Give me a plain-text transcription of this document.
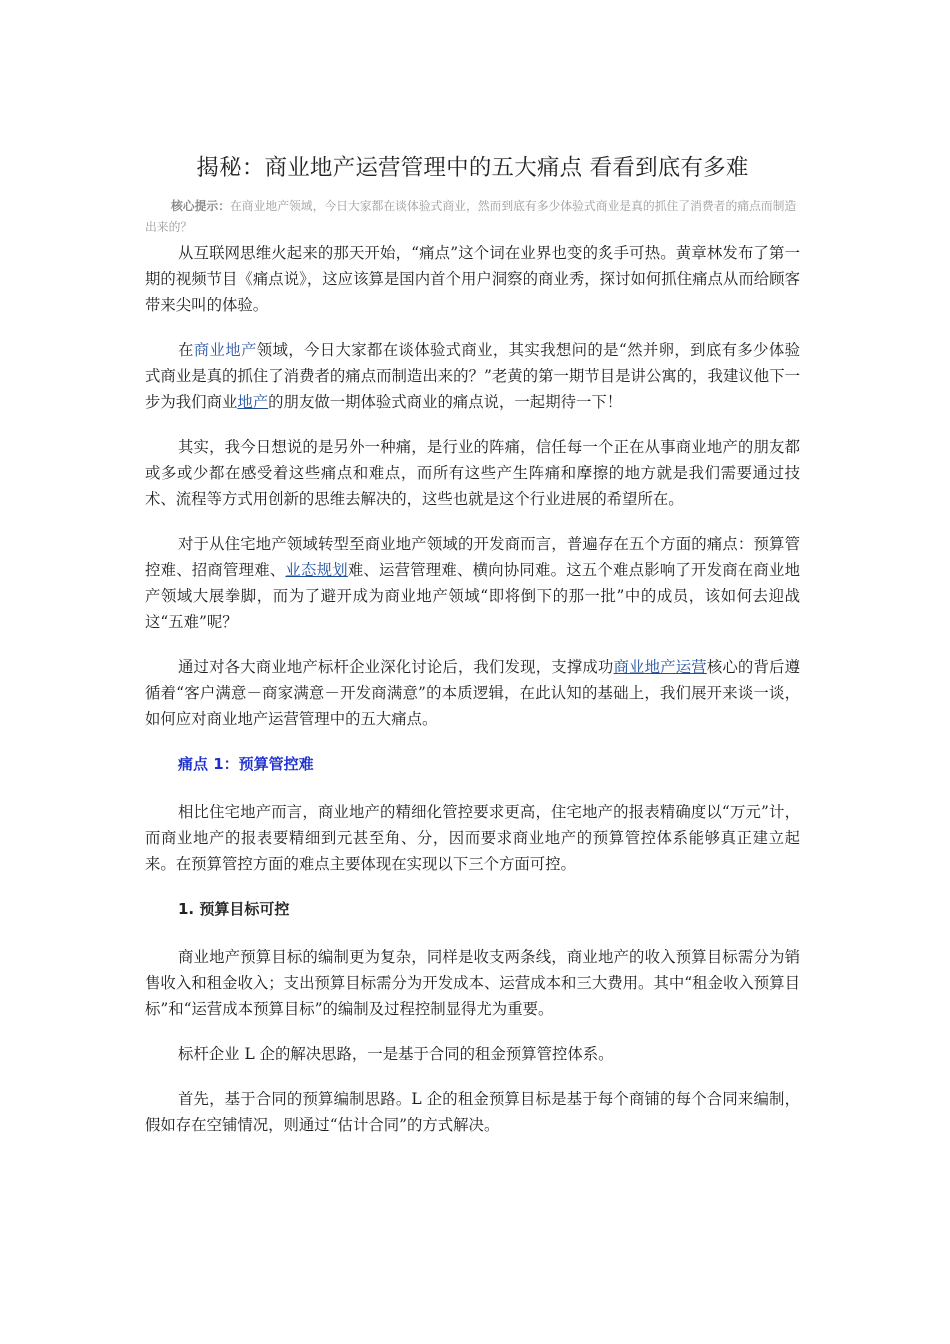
揭秘：商业地产运营管理中的五大痛点 看看到底有多难

核心提示：在商业地产领域，今日大家都在谈体验式商业，然而到底有多少体验式商业是真的抓住了消费者的痛点而制造出来的？

从互联网思维火起来的那天开始，“痛点”这个词在业界也变的炙手可热。黄章林发布了第一期的视频节目《痛点说》，这应该算是国内首个用户洞察的商业秀，探讨如何抓住痛点从而给顾客带来尖叫的体验。

在商业地产领域，今日大家都在谈体验式商业，其实我想问的是“然并卵，到底有多少体验式商业是真的抓住了消费者的痛点而制造出来的？”老黄的第一期节目是讲公寓的，我建议他下一步为我们商业地产的朋友做一期体验式商业的痛点说，一起期待一下！

其实，我今日想说的是另外一种痛，是行业的阵痛，信任每一个正在从事商业地产的朋友都或多或少都在感受着这些痛点和难点，而所有这些产生阵痛和摩擦的地方就是我们需要通过技术、流程等方式用创新的思维去解决的，这些也就是这个行业进展的希望所在。

对于从住宅地产领域转型至商业地产领域的开发商而言，普遍存在五个方面的痛点：预算管控难、招商管理难、业态规划难、运营管理难、横向协同难。这五个难点影响了开发商在商业地产领域大展拳脚，而为了避开成为商业地产领域“即将倒下的那一批”中的成员，该如何去迎战这“五难”呢？

通过对各大商业地产标杆企业深化讨论后，我们发现，支撑成功商业地产运营核心的背后遵循着“客户满意－商家满意－开发商满意”的本质逻辑，在此认知的基础上，我们展开来谈一谈，如何应对商业地产运营管理中的五大痛点。

痛点 1：预算管控难

相比住宅地产而言，商业地产的精细化管控要求更高，住宅地产的报表精确度以“万元”计，而商业地产的报表要精细到元甚至角、分，因而要求商业地产的预算管控体系能够真正建立起来。在预算管控方面的难点主要体现在实现以下三个方面可控。

1. 预算目标可控

商业地产预算目标的编制更为复杂，同样是收支两条线，商业地产的收入预算目标需分为销售收入和租金收入；支出预算目标需分为开发成本、运营成本和三大费用。其中“租金收入预算目标”和“运营成本预算目标”的编制及过程控制显得尤为重要。

标杆企业 L 企的解决思路，一是基于合同的租金预算管控体系。

首先，基于合同的预算编制思路。L 企的租金预算目标是基于每个商铺的每个合同来编制，假如存在空铺情况，则通过“估计合同”的方式解决。
